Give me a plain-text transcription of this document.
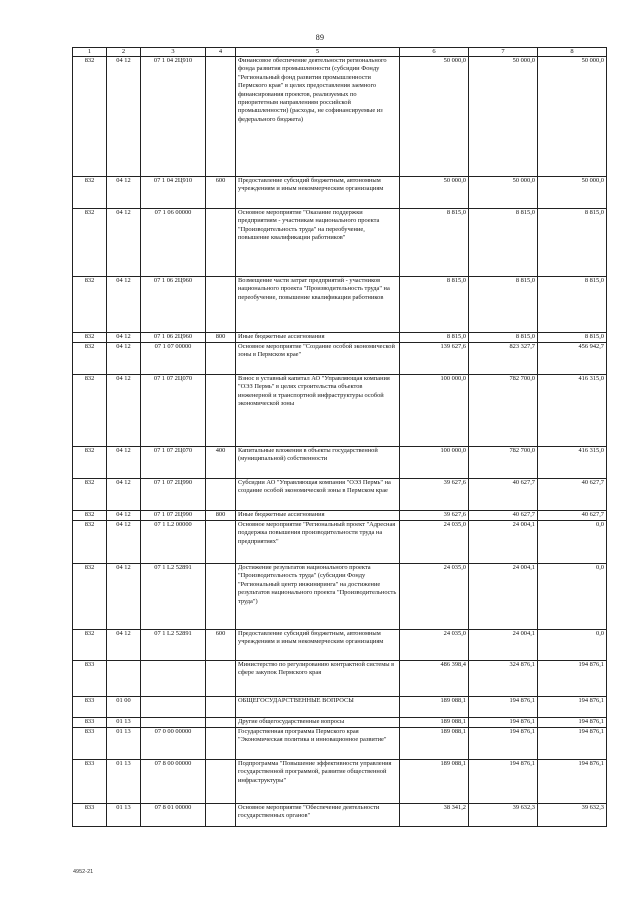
89
1	2	3	4	5	6	7	8
832	04 12	07 1 04 2Ц910		Финансовое обеспечение деятельности регионального фонда развития промышленности (субсидии Фонду "Региональный фонд развития промышленности Пермского края" в целях предоставления заемного финансирования проектов, реализуемых по приоритетным направлениям российской промышленности) (расходы, не софинансируемые из федерального бюджета)	50 000,0	50 000,0	50 000,0
832	04 12	07 1 04 2Ц910	600	Предоставление субсидий бюджетным, автономным учреждениям и иным некоммерческим организациям	50 000,0	50 000,0	50 000,0
832	04 12	07 1 06 00000		Основное мероприятие "Оказание поддержки предприятиям - участникам национального проекта "Производительность труда" на переобучение, повышение квалификации работников"	8 815,0	8 815,0	8 815,0
832	04 12	07 1 06 2Ц960		Возмещение части затрат предприятий - участников национального проекта "Производительность труда" на переобучение, повышение квалификации работников	8 815,0	8 815,0	8 815,0
832	04 12	07 1 06 2Ц960	800	Иные бюджетные ассигнования	8 815,0	8 815,0	8 815,0
832	04 12	07 1 07 00000		Основное мероприятие "Создание особой экономической зоны в Пермском крае"	139 627,6	823 327,7	456 942,7
832	04 12	07 1 07 2Ц070		Взнос в уставный капитал АО "Управляющая компания "ОЭЗ Пермь" в целях строительства объектов инженерной и транспортной инфраструктуры особой экономической зоны	100 000,0	782 700,0	416 315,0
832	04 12	07 1 07 2Ц070	400	Капитальные вложения в объекты государственной (муниципальной) собственности	100 000,0	782 700,0	416 315,0
832	04 12	07 1 07 2Ц990		Субсидии АО "Управляющая компания "ОЭЗ Пермь" на создание особой экономической зоны в Пермском крае	39 627,6	40 627,7	40 627,7
832	04 12	07 1 07 2Ц990	800	Иные бюджетные ассигнования	39 627,6	40 627,7	40 627,7
832	04 12	07 1 L2 00000		Основное мероприятие "Региональный проект "Адресная поддержка повышения производительности труда на предприятиях"	24 035,0	24 004,1	0,0
832	04 12	07 1 L2 52891		Достижение результатов национального проекта "Производительность труда" (субсидии Фонду "Региональный центр инжиниринга" на достижение результатов национального проекта "Производительность труда")	24 035,0	24 004,1	0,0
832	04 12	07 1 L2 52891	600	Предоставление субсидий бюджетным, автономным учреждениям и иным некоммерческим организациям	24 035,0	24 004,1	0,0
833				Министерство по регулированию контрактной системы в сфере закупок Пермского края	486 398,4	324 876,1	194 876,1
833	01 00			ОБЩЕГОСУДАРСТВЕННЫЕ ВОПРОСЫ	189 088,1	194 876,1	194 876,1
833	01 13			Другие общегосударственные вопросы	189 088,1	194 876,1	194 876,1
833	01 13	07 0 00 00000		Государственная программа Пермского края "Экономическая политика и инновационное развитие"	189 088,1	194 876,1	194 876,1
833	01 13	07 8 00 00000		Подпрограмма "Повышение эффективности управления государственной программой, развитие общественной инфраструктуры"	189 088,1	194 876,1	194 876,1
833	01 13	07 8 01 00000		Основное мероприятие "Обеспечение деятельности государственных органов"	38 341,2	39 632,3	39 632,3
4952-21
